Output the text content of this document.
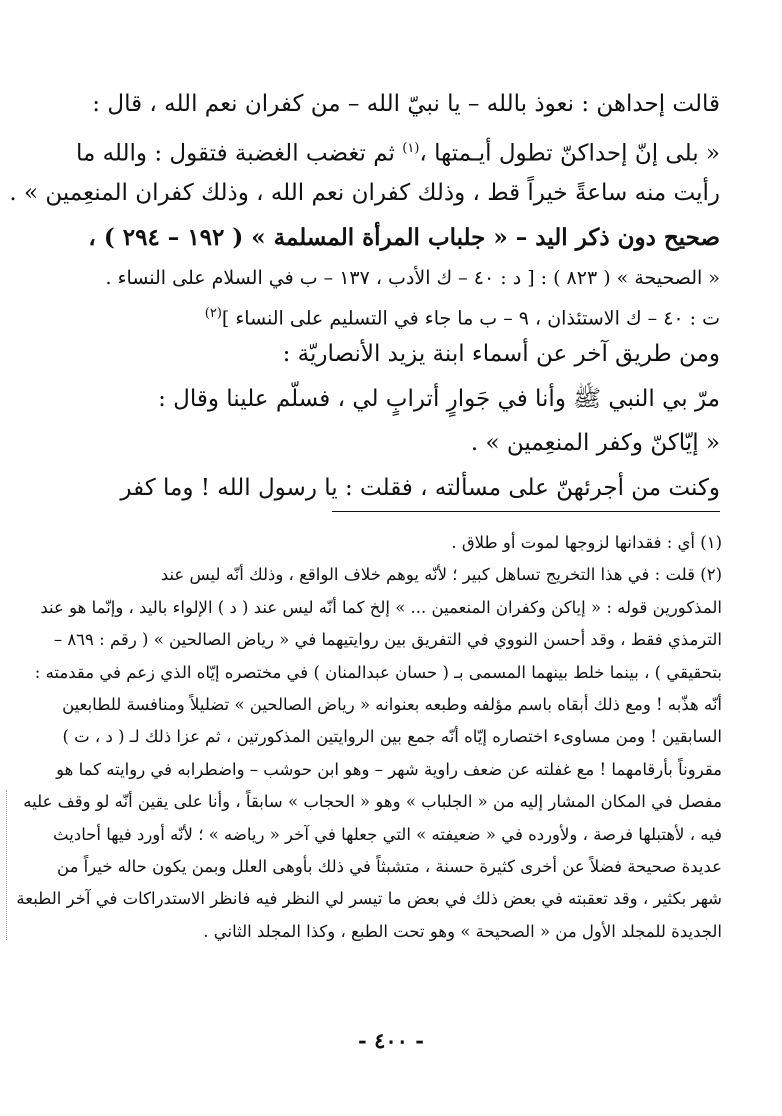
قالت إحداهن : نعوذ بالله – يا نبيّ الله – من كفران نعم الله ، قال :
« بلى إنّ إحداكنّ تطول أيـمتها ،$^{(١)}$ ثم تغضب الغضبة فتقول : والله ما
رأيت منه ساعةً خيراً قط ، وذلك كفران نعم الله ، وذلك كفران المنعِمين » .
صحيح دون ذكر اليد – « جلباب المرأة المسلمة » ( ١٩٢ – ٢٩٤ ) ،
« الصحيحة » ( ٨٢٣ ) : [ د : ٤٠ – ك الأدب ، ١٣٧ – ب في السلام على النساء .
ت : ٤٠ – ك الاستئذان ، ٩ – ب ما جاء في التسليم على النساء ]$^{(٢)}$
ومن طريق آخر عن أسماء ابنة يزيد الأنصاريّة :
مرّ بي النبي ﷺ وأنا في جَوارٍ أترابٍ لي ، فسلّم علينا وقال :
« إيّاكنّ وكفر المنعِمين » .
وكنت من أجرئهنّ على مسألته ، فقلت : يا رسول الله ! وما كفر
(١) أي : فقدانها لزوجها لموت أو طلاق .
(٢) قلت : في هذا التخريج تساهل كبير ؛ لأنّه يوهم خلاف الواقع ، وذلك أنّه ليس عند
المذكورين قوله : « إياكن وكفران المنعمين ... » إلخ كما أنّه ليس عند ( د ) الإلواء باليد ، وإنّما هو عند
الترمذي فقط ، وقد أحسن النووي في التفريق بين روايتيهما في « رياض الصالحين » ( رقم : ٨٦٩ –
بتحقيقي ) ، بينما خلط بينهما المسمى بـ ( حسان عبدالمنان ) في مختصره إيّاه الذي زعم في مقدمته :
أنّه هذّبه ! ومع ذلك أبقاه باسم مؤلفه وطبعه بعنوانه « رياض الصالحين » تضليلاً ومنافسة للطابعين
السابقين ! ومن مساوىء اختصاره إيّاه أنّه جمع بين الروايتين المذكورتين ، ثم عزا ذلك لـ ( د ، ت )
مقروناً بأرقامهما ! مع غفلته عن ضعف راوية شهر – وهو ابن حوشب – واضطرابه في روايته كما هو
مفصل في المكان المشار إليه من « الجلباب » وهو « الحجاب » سابقاً ، وأنا على يقين أنّه لو وقف عليه
فيه ، لأهتبلها فرصة ، ولأورده في « ضعيفته » التي جعلها في آخر « رياضه » ؛ لأنّه أورد فيها أحاديث
عديدة صحيحة فضلاً عن أخرى كثيرة حسنة ، متشبثاً في ذلك بأوهى العلل وبمن يكون حاله خيراً من
شهر بكثير ، وقد تعقبته في بعض ذلك في بعض ما تيسر لي النظر فيه فانظر الاستدراكات في آخر الطبعة
الجديدة للمجلد الأول من « الصحيحة » وهو تحت الطبع ، وكذا المجلد الثاني .
- ٤٠٠ -
